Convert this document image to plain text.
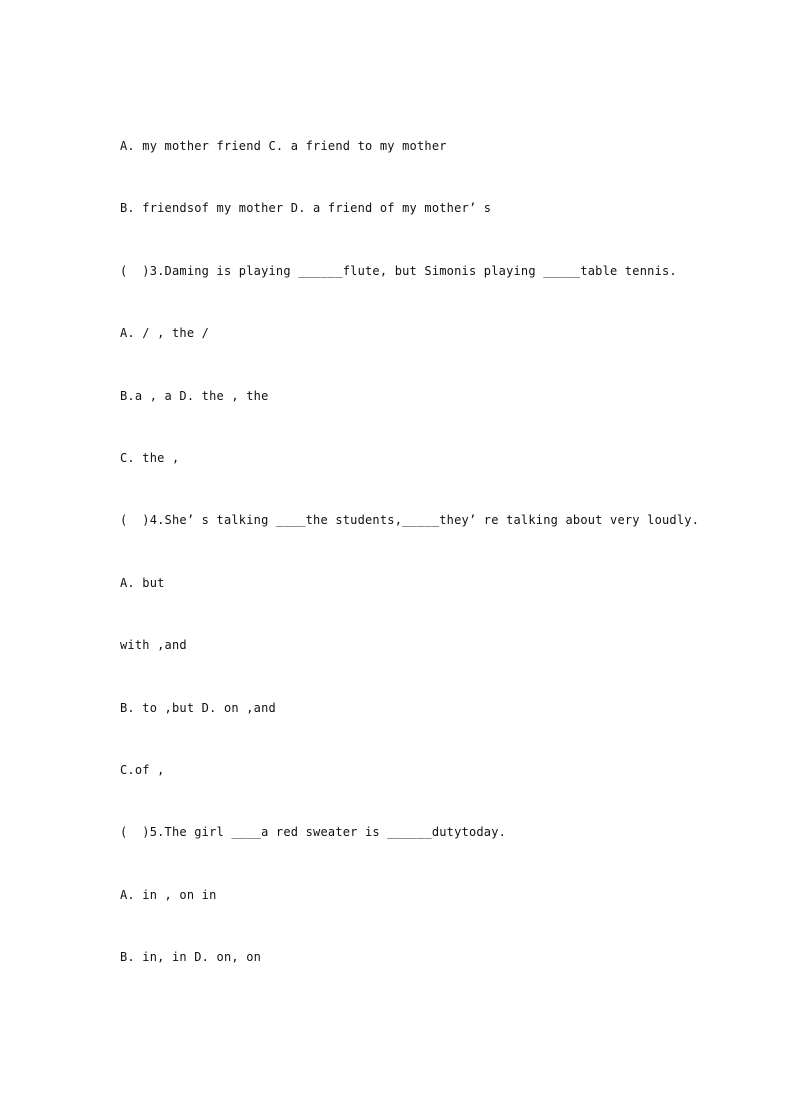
A. my mother friend C. a friend to my mother
B. friendsof my mother D. a friend of my mother’ s
(  )3.Daming is playing ______flute, but Simonis playing _____table tennis.
A. / , the /
B.a , a D. the , the
C. the ,
(  )4.She’ s talking ____the students,_____they’ re talking about very loudly.
A. but
with ,and
B. to ,but D. on ,and
C.of ,
(  )5.The girl ____a red sweater is ______dutytoday.
A. in , on in
B. in, in D. on, on
